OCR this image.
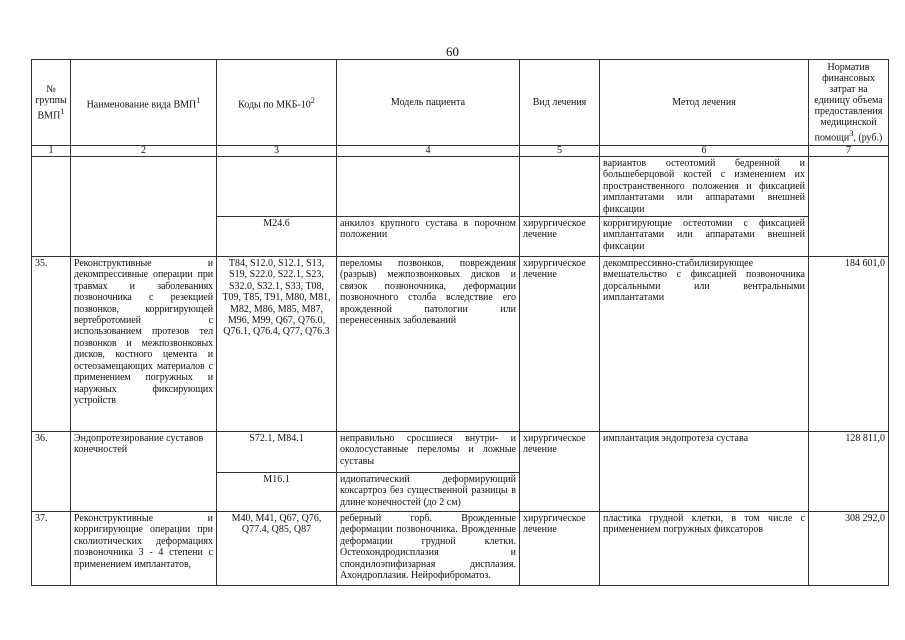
60
№ группы ВМП$^1$	Наименование вида ВМП$^1$	Коды по МКБ-$10^2$	Модель пациента	Вид лечения	Метод лечения	Норматив финансовых затрат на единицу объема предоставления медицинской помощи$^3$, (руб.)
1	2	3	4	5	6	7
					вариантов остеотомий бедренной и большеберцовой костей с изменением их пространственного положения и фиксацией имплантатами или аппаратами внешней фиксации	
		M24.6	анкилоз крупного сустава в порочном положении	хирургическое лечение	корригирующие остеотомии с фиксацией имплантатами или аппаратами внешней фиксации	
35.	Реконструктивные и декомпрессивные операции при травмах и заболеваниях позвоночника с резекцией позвонков, корригирующей вертебротомией с использованием протезов тел позвонков и межпозвонковых дисков, костного цемента и остеозамещающих материалов с применением погружных и наружных фиксирующих устройств	T84, S12.0, S12.1, S13, S19, S22.0, S22.1, S23, S32.0, S32.1, S33, T08, T09, T85, T91, M80, M81, M82, M86, M85, M87, M96, M99, Q67, Q76.0, Q76.1, Q76.4, Q77, Q76.3	переломы позвонков, повреждения (разрыв) межпозвонковых дисков и связок позвоночника, деформации позвоночного столба вследствие его врожденной патологии или перенесенных заболеваний	хирургическое лечение	декомпрессивно-стабилизирующее вмешательство с фиксацией позвоночника дорсальными или вентральными имплантатами	184 601,0
36.	Эндопротезирование суставов конечностей	S72.1, M84.1	неправильно сросшиеся внутри- и околосуставные переломы и ложные суставы	хирургическое лечение	имплантация эндопротеза сустава	128 811,0
		M16.1	идиопатический деформирующий коксартроз без существенной разницы в длине конечностей (до 2 см)			
37.	Реконструктивные и корригирующие операции при сколиотических деформациях позвоночника 3 - 4 степени с применением имплантатов,	M40, M41, Q67, Q76, Q77.4, Q85, Q87	реберный горб. Врожденные деформации позвоночника. Врожденные деформации грудной клетки. Остеохондродисплазия и спондилоэпифизарная дисплазия. Ахондроплазия. Нейрофиброматоз.	хирургическое лечение	пластика грудной клетки, в том числе с применением погружных фиксаторов	308 292,0
